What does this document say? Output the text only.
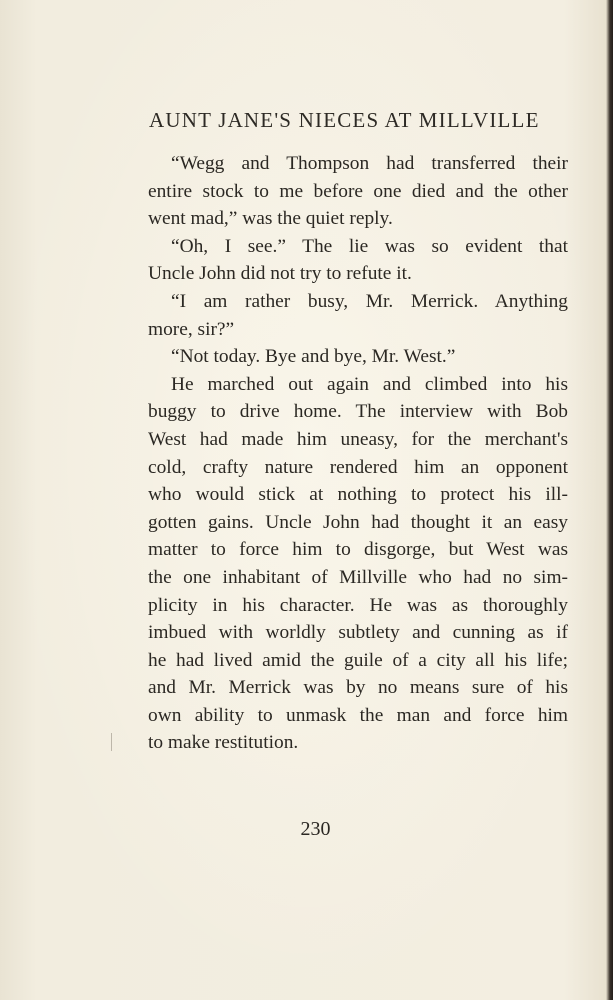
AUNT JANE'S NIECES AT MILLVILLE
“Wegg and Thompson had transferred their
entire stock to me before one died and the other
went mad,” was the quiet reply.
“Oh, I see.” The lie was so evident that
Uncle John did not try to refute it.
“I am rather busy, Mr. Merrick. Anything
more, sir?”
“Not today. Bye and bye, Mr. West.”
He marched out again and climbed into his
buggy to drive home. The interview with Bob
West had made him uneasy, for the merchant's
cold, crafty nature rendered him an opponent
who would stick at nothing to protect his ill-
gotten gains. Uncle John had thought it an easy
matter to force him to disgorge, but West was
the one inhabitant of Millville who had no sim-
plicity in his character. He was as thoroughly
imbued with worldly subtlety and cunning as if
he had lived amid the guile of a city all his life;
and Mr. Merrick was by no means sure of his
own ability to unmask the man and force him
to make restitution.
230
